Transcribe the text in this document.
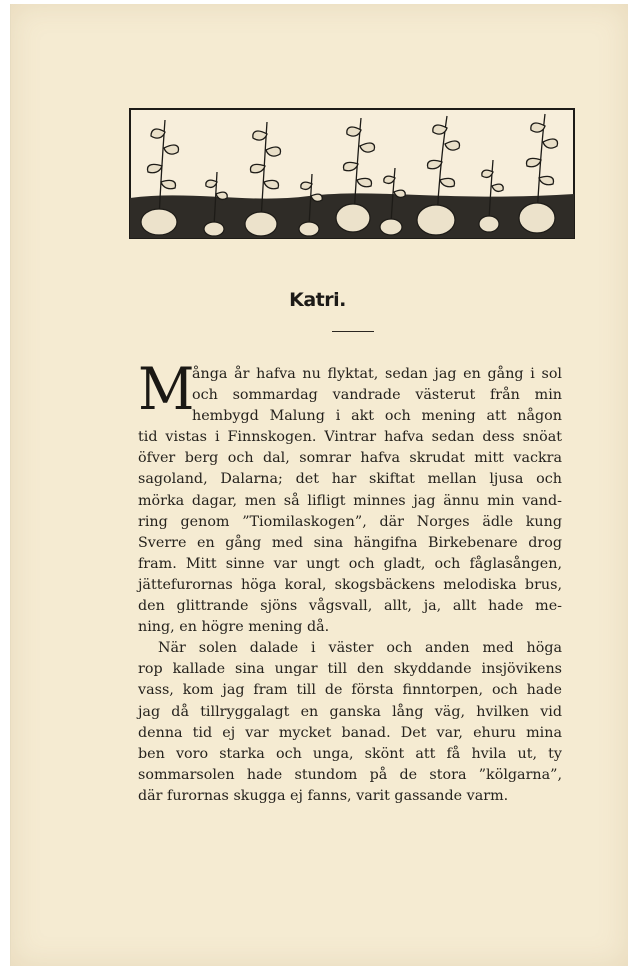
Katri.
M
ånga år hafva nu flyktat, sedan jag en gång i sol
och sommardag vandrade västerut från min
hembygd Malung i akt och mening att någon
tid vistas i Finnskogen. Vintrar hafva sedan dess snöat
öfver berg och dal, somrar hafva skrudat mitt vackra
sagoland, Dalarna; det har skiftat mellan ljusa och
mörka dagar, men så lifligt minnes jag ännu min vand-
ring genom ”Tiomilaskogen”, där Norges ädle kung
Sverre en gång med sina hängifna Birkebenare drog
fram. Mitt sinne var ungt och gladt, och fåglasången,
jättefurornas höga koral, skogsbäckens melodiska brus,
den glittrande sjöns vågsvall, allt, ja, allt hade me-
ning, en högre mening då.
När solen dalade i väster och anden med höga
rop kallade sina ungar till den skyddande insjövikens
vass, kom jag fram till de första finntorpen, och hade
jag då tillryggalagt en ganska lång väg, hvilken vid
denna tid ej var mycket banad. Det var, ehuru mina
ben voro starka och unga, skönt att få hvila ut, ty
sommarsolen hade stundom på de stora ”kölgarna”,
där furornas skugga ej fanns, varit gassande varm.
